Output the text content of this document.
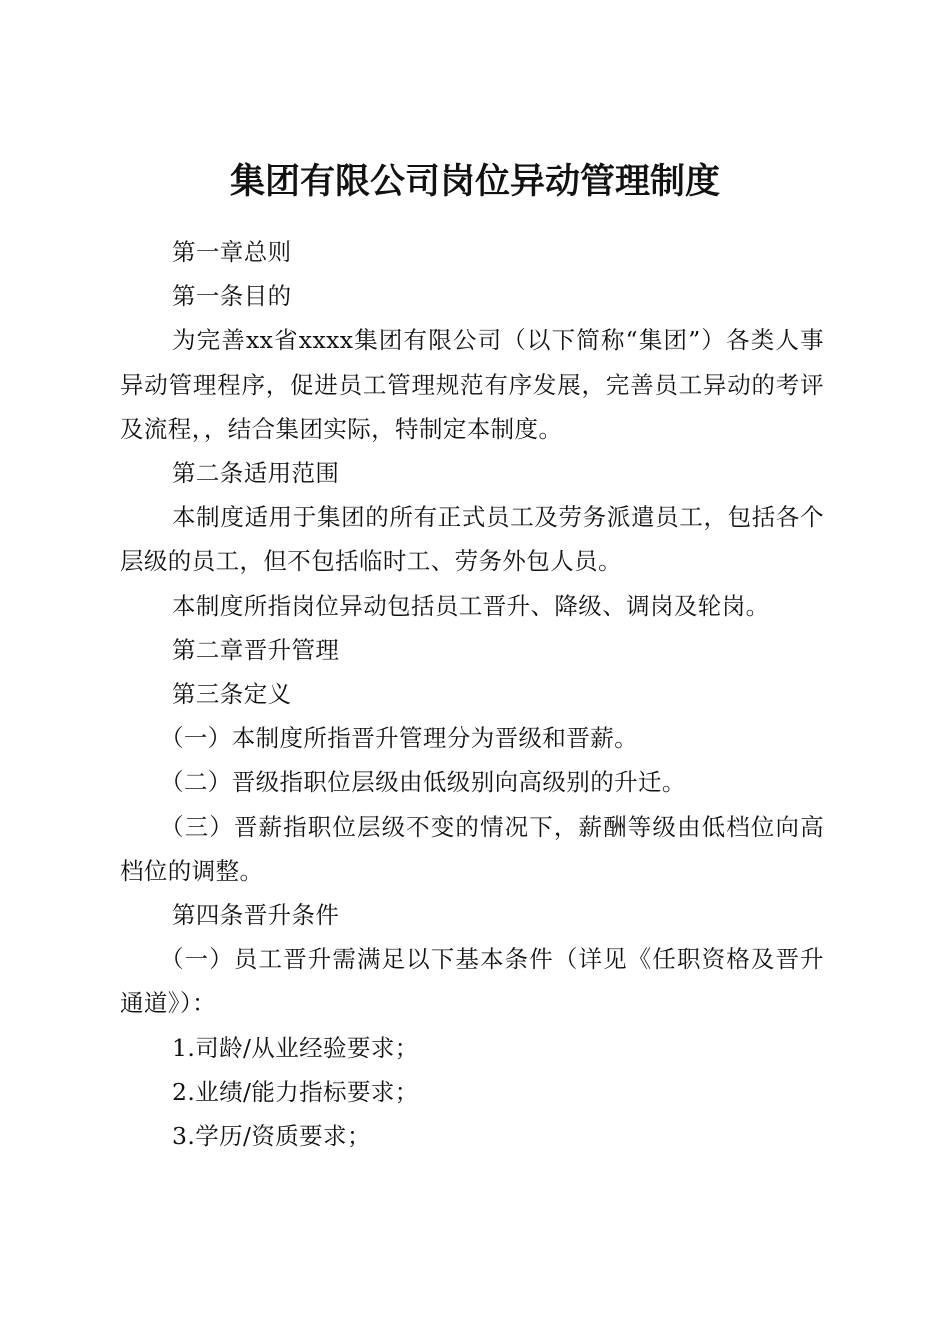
集团有限公司岗位异动管理制度

第一章总则

第一条目的

为完善xx省xxxx集团有限公司（以下简称“集团”）各类人事异动管理程序，促进员工管理规范有序发展，完善员工异动的考评及流程，，结合集团实际，特制定本制度。

第二条适用范围

本制度适用于集团的所有正式员工及劳务派遣员工，包括各个层级的员工，但不包括临时工、劳务外包人员。

本制度所指岗位异动包括员工晋升、降级、调岗及轮岗。

第二章晋升管理

第三条定义

（一）本制度所指晋升管理分为晋级和晋薪。

（二）晋级指职位层级由低级别向高级别的升迁。

（三）晋薪指职位层级不变的情况下，薪酬等级由低档位向高档位的调整。

第四条晋升条件

（一）员工晋升需满足以下基本条件（详见《任职资格及晋升通道》）：

1.司龄/从业经验要求；

2.业绩/能力指标要求；

3.学历/资质要求；
